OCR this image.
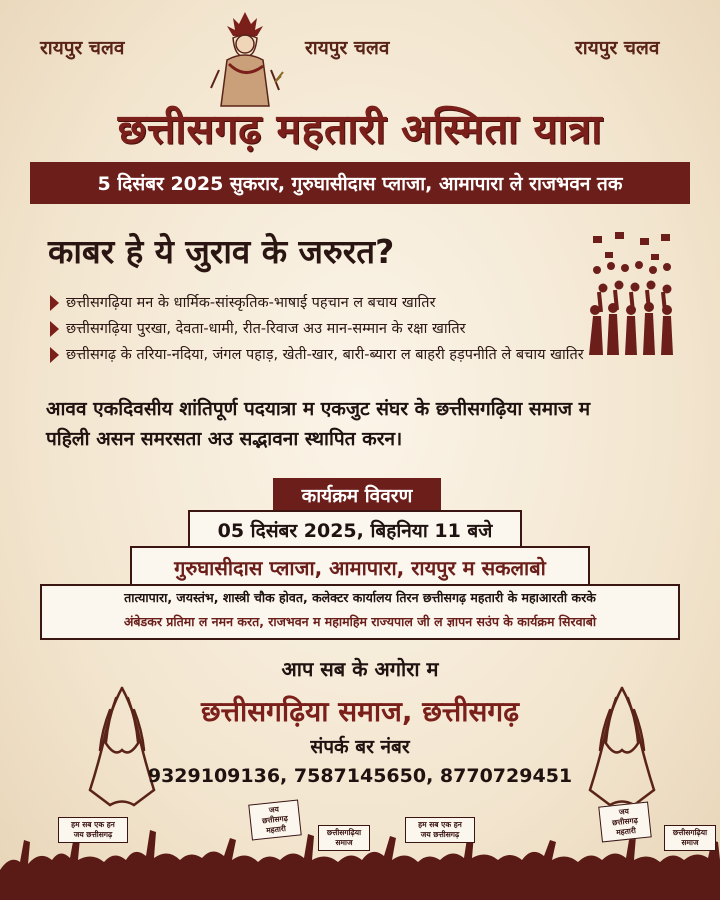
रायपुर चलव	रायपुर चलव	रायपुर चलव
छत्तीसगढ़ महतारी अस्मिता यात्रा
5 दिसंबर 2025 सुकरार, गुरुघासीदास प्लाजा, आमापारा ले राजभवन तक
काबर हे ये जुराव के जरुरत?
छत्तीसगढ़िया मन के धार्मिक-सांस्कृतिक-भाषाई पहचान ल बचाय खातिर
छत्तीसगढ़िया पुरखा, देवता-धामी, रीत-रिवाज अउ मान-सम्मान के रक्षा खातिर
छत्तीसगढ़ के तरिया-नदिया, जंगल पहाड़, खेती-खार, बारी-ब्यारा ल बाहरी हड़पनीति ले बचाय खातिर
आवव एकदिवसीय शांतिपूर्ण पदयात्रा म एकजुट संघर के छत्तीसगढ़िया समाज म
पहिली असन समरसता अउ सद्भावना स्थापित करन।
कार्यक्रम विवरण
05 दिसंबर 2025, बिहनिया 11 बजे
गुरुघासीदास प्लाजा, आमापारा, रायपुर म सकलाबो
तात्यापारा, जयस्तंभ, शास्त्री चौक होवत, कलेक्टर कार्यालय तिरन छत्तीसगढ़ महतारी के महाआरती करके
अंबेडकर प्रतिमा ल नमन करत, राजभवन म महामहिम राज्यपाल जी ल ज्ञापन सउंप के कार्यक्रम सिरवाबो
आप सब के अगोरा म
छत्तीसगढ़िया समाज, छत्तीसगढ़
संपर्क बर नंबर
9329109136, 7587145650, 8770729451
हम सब एक हन
जय छत्तीसगढ़
जय
छत्तीसगढ़
महतारी	छत्तीसगढ़िया
समाज
हम सब एक हन
जय छत्तीसगढ़
जय
छत्तीसगढ़
महतारी	छत्तीसगढ़िया
समाज
